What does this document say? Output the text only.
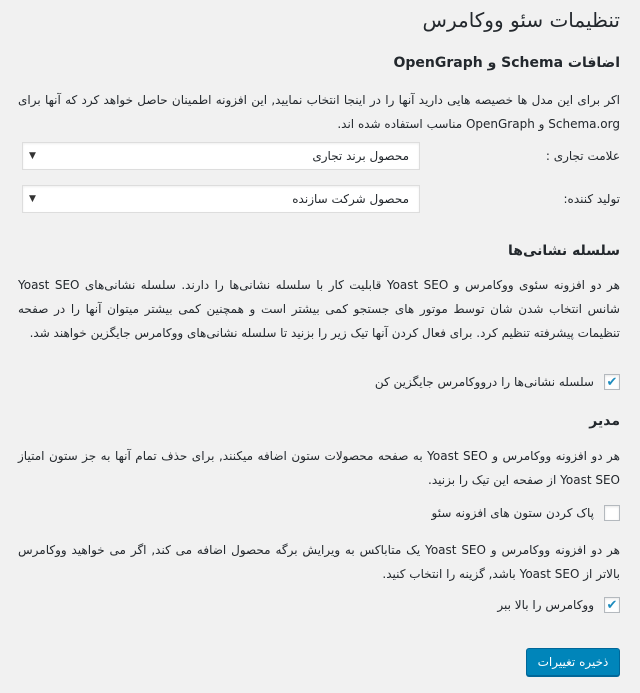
تنظیمات سئو ووکامرس
اضافات Schema و OpenGraph

اکر برای این مدل ها خصیصه هایی دارید آنها را در اینجا انتخاب نمایید, این افزونه اطمینان حاصل خواهد کرد که آنها برای Schema.org و OpenGraph مناسب استفاده شده اند.

علامت تجاری :
محصول برند تجاری
▼
تولید کننده:
محصول شرکت سازنده
▼
سلسله نشانی‌ها

هر دو افزونه سئوی ووکامرس و Yoast SEO قابلیت کار با سلسله نشانی‌ها را دارند. سلسله نشانی‌های Yoast SEO شانس انتخاب شدن شان توسط موتور های جستجو کمی بیشتر است و همچنین کمی بیشتر میتوان آنها را در صفحه تنظیمات پیشرفته تنظیم کرد. برای فعال کردن آنها تیک زیر را بزنید تا سلسله نشانی‌های ووکامرس جایگزین خواهند شد.

✔
سلسله نشانی‌ها را درووکامرس جایگزین کن
مدیر

هر دو افزونه ووکامرس و Yoast SEO به صفحه محصولات ستون اضافه میکنند, برای حذف تمام آنها به جز ستون امتیاز Yoast SEO از صفحه این تیک را بزنید.

پاک کردن ستون های افزونه سئو

هر دو افزونه ووکامرس و Yoast SEO یک متاباکس به ویرایش برگه محصول اضافه می کند, اگر می خواهید ووکامرس بالاتر از Yoast SEO باشد, گزینه را انتخاب کنید.

✔
ووکامرس را بالا ببر
ذخیره تغییرات
